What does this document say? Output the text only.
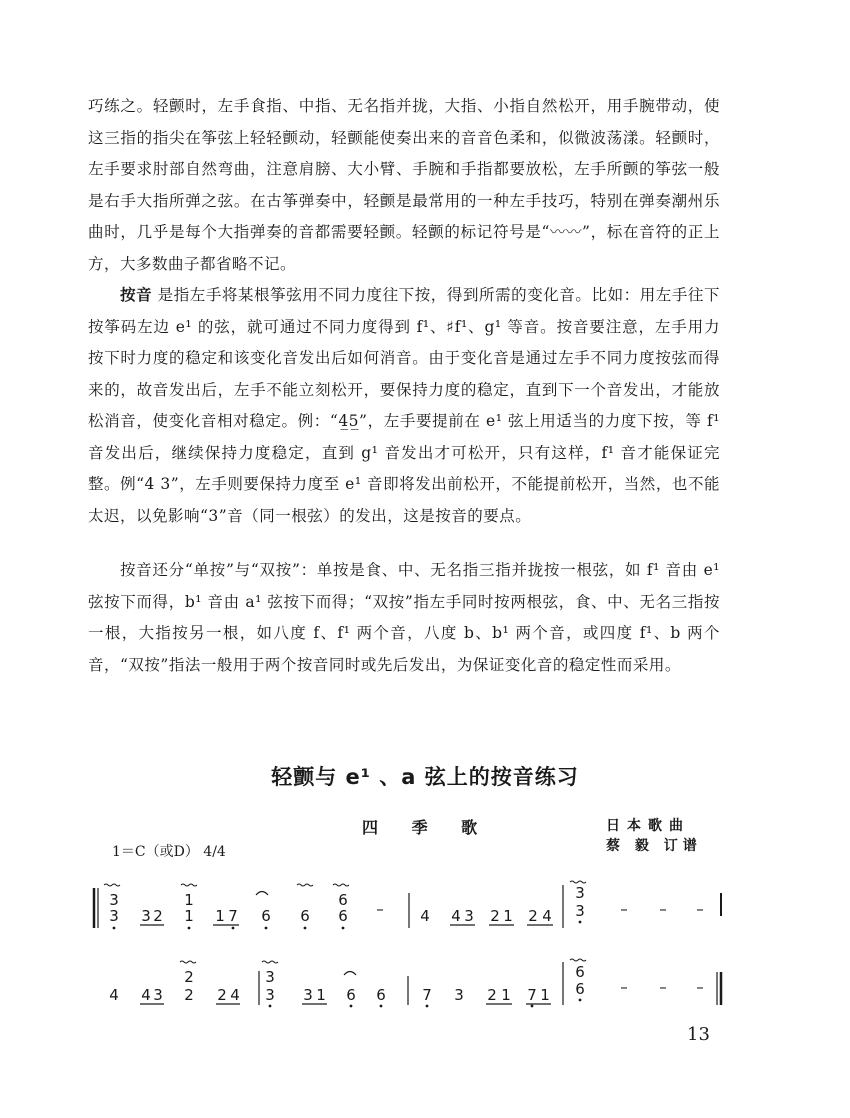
巧练之。轻颤时，左手食指、中指、无名指并拢，大指、小指自然松开，用手腕带动，使这三指的指尖在筝弦上轻轻颤动，轻颤能使奏出来的音音色柔和，似微波荡漾。轻颤时，左手要求肘部自然弯曲，注意肩膀、大小臂、手腕和手指都要放松，左手所颤的筝弦一般是右手大指所弹之弦。在古筝弹奏中，轻颤是最常用的一种左手技巧，特别在弹奏潮州乐曲时，几乎是每个大指弹奏的音都需要轻颤。轻颤的标记符号是“〰〰”，标在音符的正上方，大多数曲子都省略不记。
按音 是指左手将某根筝弦用不同力度往下按，得到所需的变化音。比如：用左手往下按筝码左边 e¹ 的弦，就可通过不同力度得到 f¹、♯f¹、g¹ 等音。按音要注意，左手用力按下时力度的稳定和该变化音发出后如何消音。由于变化音是通过左手不同力度按弦而得来的，故音发出后，左手不能立刻松开，要保持力度的稳定，直到下一个音发出，才能放松消音，使变化音相对稳定。例：“4̲5̲”，左手要提前在 e¹ 弦上用适当的力度下按，等 f¹ 音发出后，继续保持力度稳定，直到 g¹ 音发出才可松开，只有这样，f¹ 音才能保证完整。例“4 3”，左手则要保持力度至 e¹ 音即将发出前松开，不能提前松开，当然，也不能太迟，以免影响“3”音（同一根弦）的发出，这是按音的要点。
按音还分“单按”与“双按”：单按是食、中、无名指三指并拢按一根弦，如 f¹ 音由 e¹ 弦按下而得，b¹ 音由 a¹ 弦按下而得；“双按”指左手同时按两根弦，食、中、无名三指按一根，大指按另一根，如八度 f、f¹ 两个音，八度 b、b¹ 两个音，或四度 f¹、b 两个音，“双按”指法一般用于两个按音同时或先后发出，为保证变化音的稳定性而采用。
轻颤与 e¹ 、a 弦上的按音练习
四 季 歌	日本歌曲
蔡 毅 订谱
1＝C（或D） 4/4
3
3 3 2
1
1 1 7 6 6
6
6 – 4 4 3 2 1 2 4
3
3 – – –
4 4 3
2
2 2 4
3
3 3 1 6 6 7 3 2 1 7 1
6
6 – – –
13
